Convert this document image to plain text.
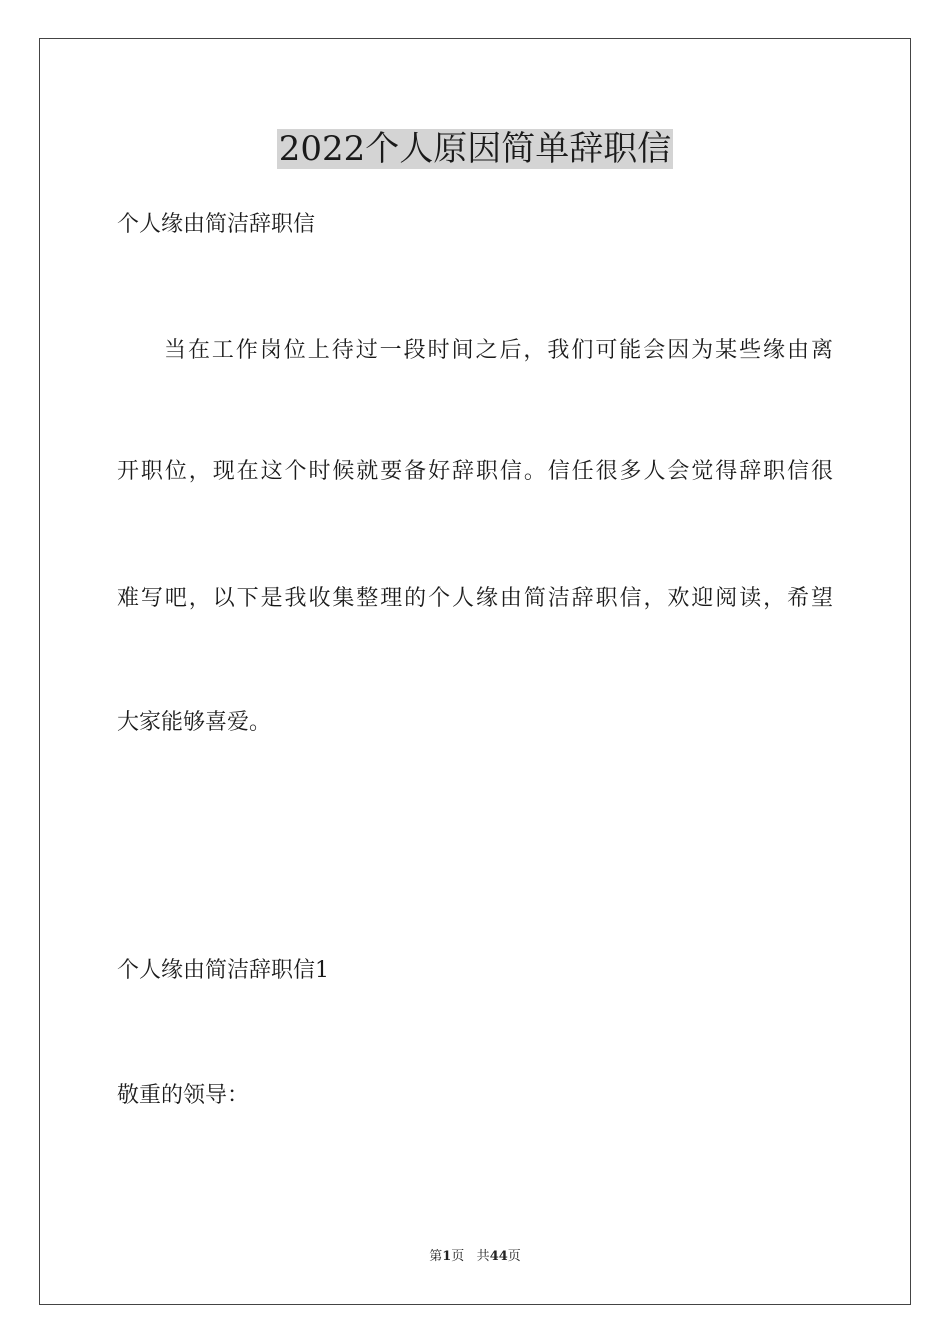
2022个人原因简单辞职信

个人缘由简洁辞职信

当在工作岗位上待过一段时间之后，我们可能会因为某些缘由离

开职位，现在这个时候就要备好辞职信。信任很多人会觉得辞职信很

难写吧，以下是我收集整理的个人缘由简洁辞职信，欢迎阅读，希望

大家能够喜爱。

个人缘由简洁辞职信1

敬重的领导：

第1页 共44页
